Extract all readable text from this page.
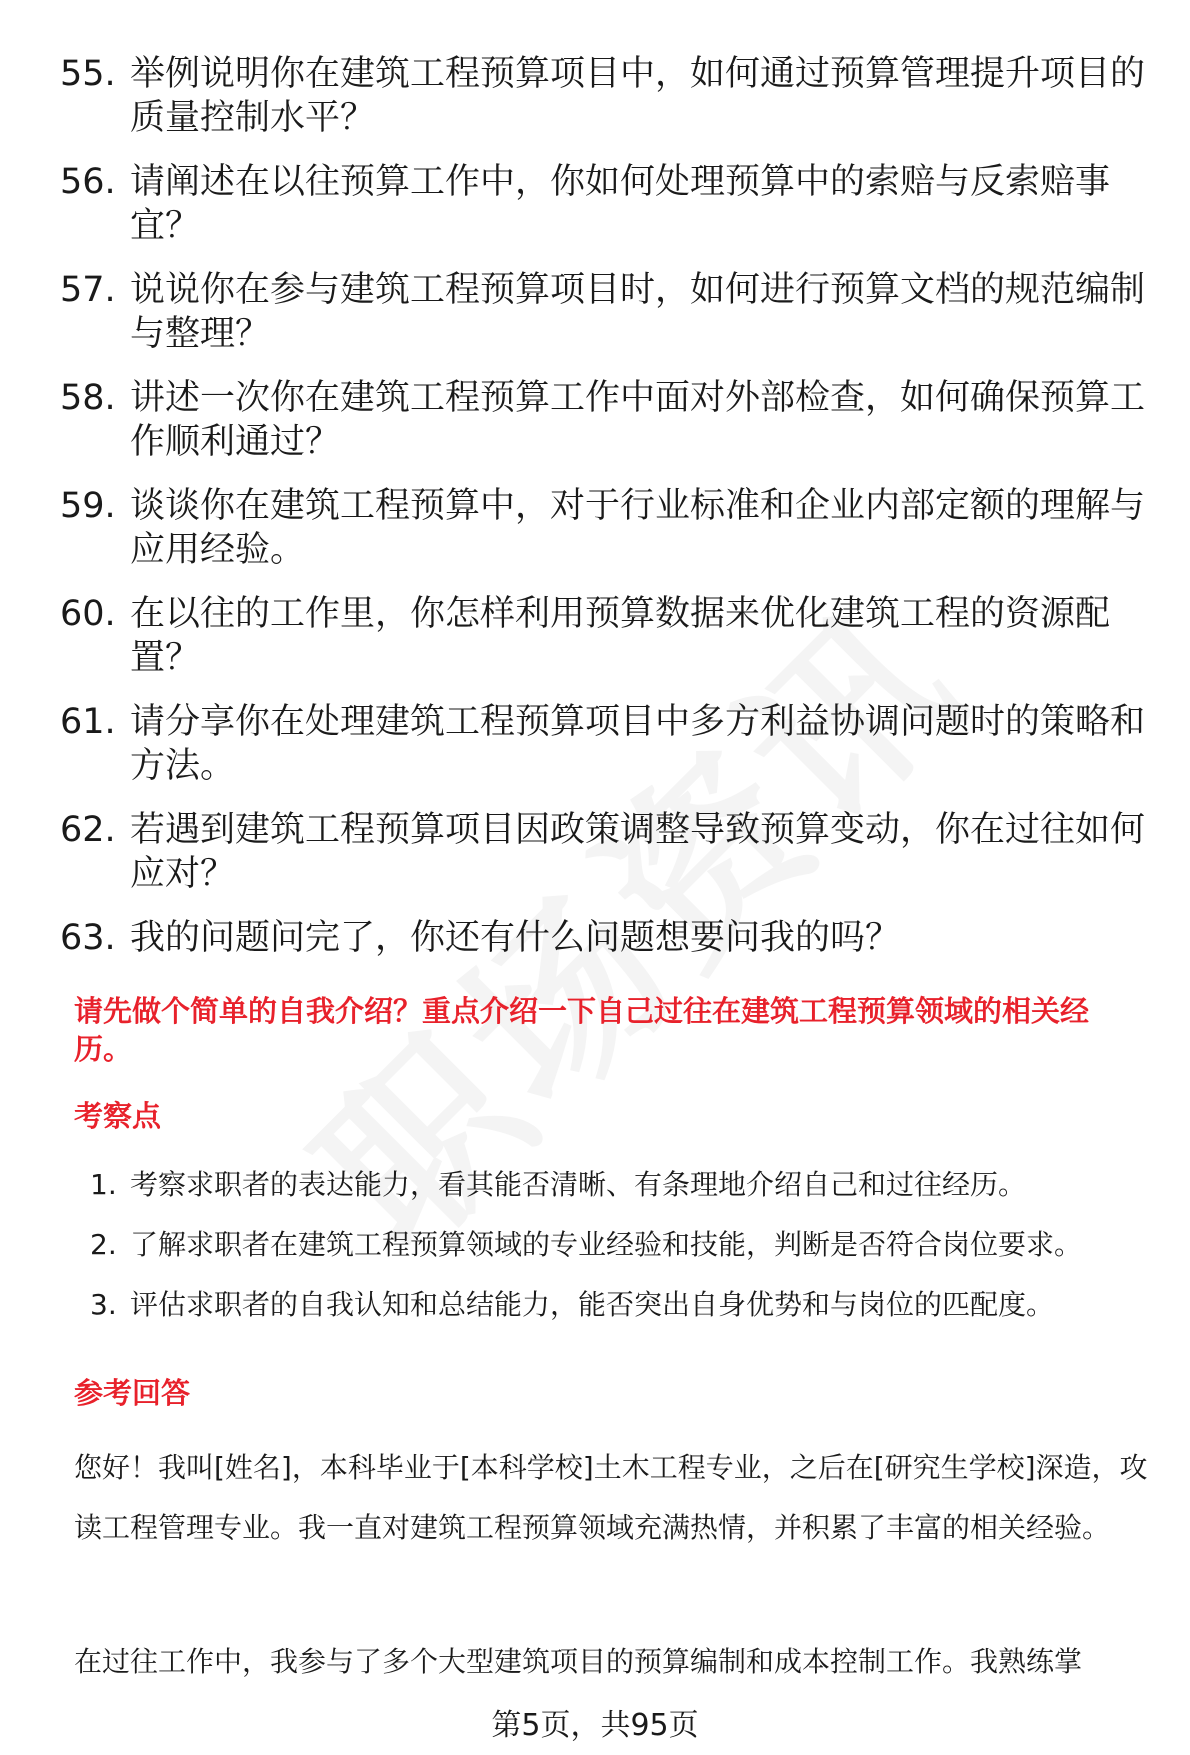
55. 举例说明你在建筑工程预算项目中，如何通过预算管理提升项目的质量控制水平？
56. 请阐述在以往预算工作中，你如何处理预算中的索赔与反索赔事宜？
57. 说说你在参与建筑工程预算项目时，如何进行预算文档的规范编制与整理？
58. 讲述一次你在建筑工程预算工作中面对外部检查，如何确保预算工作顺利通过？
59. 谈谈你在建筑工程预算中，对于行业标准和企业内部定额的理解与应用经验。
60. 在以往的工作里，你怎样利用预算数据来优化建筑工程的资源配置？
61. 请分享你在处理建筑工程预算项目中多方利益协调问题时的策略和方法。
62. 若遇到建筑工程预算项目因政策调整导致预算变动，你在过往如何应对？
63. 我的问题问完了，你还有什么问题想要问我的吗？
请先做个简单的自我介绍？重点介绍一下自己过往在建筑工程预算领域的相关经历。
考察点
1. 考察求职者的表达能力，看其能否清晰、有条理地介绍自己和过往经历。
2. 了解求职者在建筑工程预算领域的专业经验和技能，判断是否符合岗位要求。
3. 评估求职者的自我认知和总结能力，能否突出自身优势和与岗位的匹配度。
参考回答
您好！我叫[姓名]，本科毕业于[本科学校]土木工程专业，之后在[研究生学校]深造，攻读工程管理专业。我一直对建筑工程预算领域充满热情，并积累了丰富的相关经验。
在过往工作中，我参与了多个大型建筑项目的预算编制和成本控制工作。我熟练掌
第5页，共95页
